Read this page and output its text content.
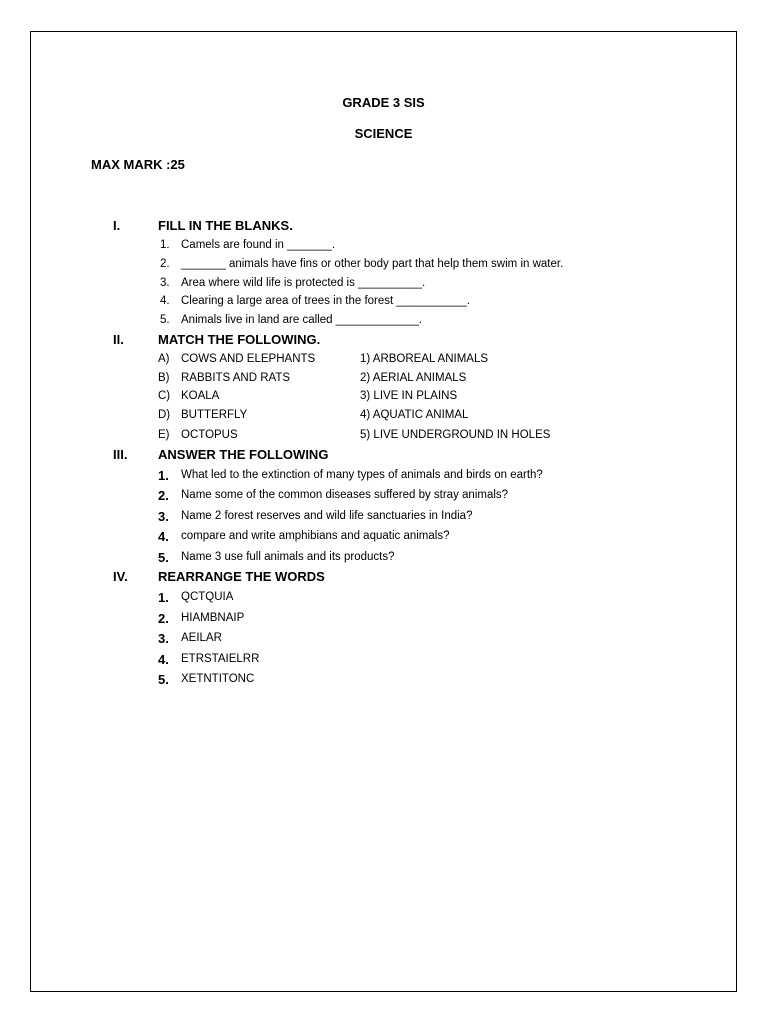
GRADE 3 SIS
SCIENCE
MAX MARK :25
I.	FILL IN THE BLANKS.
1. Camels are found in _______.
2. _______ animals have fins or other body part that help them swim in water.
3. Area where wild life is protected is __________.
4. Clearing a large area of trees in the forest ___________.
5. Animals live in land are called _____________.
II.	MATCH THE FOLLOWING.
A) COWS AND ELEPHANTS	1) ARBOREAL ANIMALS
B) RABBITS AND RATS	2) AERIAL ANIMALS
C) KOALA	3) LIVE IN PLAINS
D) BUTTERFLY	4) AQUATIC ANIMAL
E) OCTOPUS	5) LIVE UNDERGROUND IN HOLES
III. ANSWER THE FOLLOWING
1. What led to the extinction of many types of animals and birds on earth?
2. Name some of the common diseases suffered by stray animals?
3. Name 2 forest reserves and wild life sanctuaries in India?
4. compare and write amphibians and aquatic animals?
5. Name 3 use full animals and its products?
IV. REARRANGE THE WORDS
1. QCTQUIA
2. HIAMBNAIP
3. AEILAR
4. ETRSTAIELRR
5. XETNTITONC
